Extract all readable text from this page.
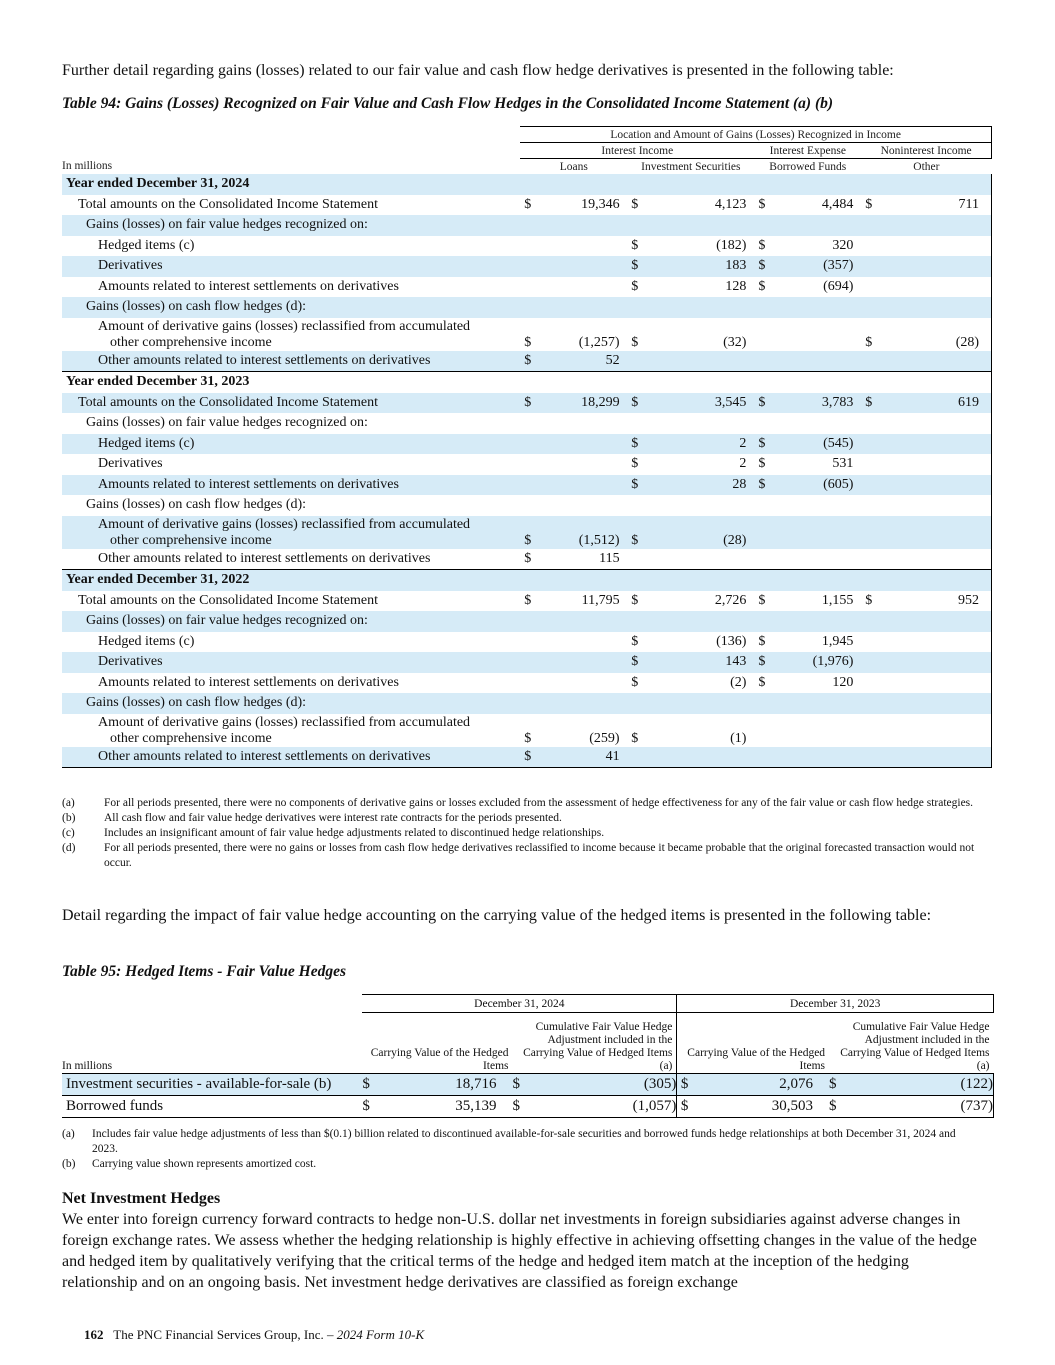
Further detail regarding gains (losses) related to our fair value and cash flow hedge derivatives is presented in the following table:
Table 94: Gains (Losses) Recognized on Fair Value and Cash Flow Hedges in the Consolidated Income Statement (a) (b)
	Location and Amount of Gains (Losses) Recognized in Income											
	Interest Income						Interest Expense			Noninterest Income		
In millions	Loans			Investment Securities			Borrowed Funds			Other		
Year ended December 31, 2024												
Total amounts on the Consolidated Income Statement	$	19,346		$	4,123		$	4,484		$	711	
Gains (losses) on fair value hedges recognized on:												
Hedged items (c)				$	(182)		$	320				
Derivatives				$	183		$	(357)				
Amounts related to interest settlements on derivatives				$	128		$	(694)				
Gains (losses) on cash flow hedges (d):												

Amount of derivative gains (losses) reclassified from accumulated
other comprehensive income	$	(1,257)		$	(32)					$	(28)	
Other amounts related to interest settlements on derivatives	$	52										
Year ended December 31, 2023												
Total amounts on the Consolidated Income Statement	$	18,299		$	3,545		$	3,783		$	619	
Gains (losses) on fair value hedges recognized on:												
Hedged items (c)				$	2		$	(545)				
Derivatives				$	2		$	531				
Amounts related to interest settlements on derivatives				$	28		$	(605)				
Gains (losses) on cash flow hedges (d):												

Amount of derivative gains (losses) reclassified from accumulated
other comprehensive income	$	(1,512)		$	(28)							
Other amounts related to interest settlements on derivatives	$	115										
Year ended December 31, 2022												
Total amounts on the Consolidated Income Statement	$	11,795		$	2,726		$	1,155		$	952	
Gains (losses) on fair value hedges recognized on:												
Hedged items (c)				$	(136)		$	1,945				
Derivatives				$	143		$	(1,976)				
Amounts related to interest settlements on derivatives				$	(2)		$	120				
Gains (losses) on cash flow hedges (d):												

Amount of derivative gains (losses) reclassified from accumulated
other comprehensive income	$	(259)		$	(1)							
Other amounts related to interest settlements on derivatives	$	41										
(a)	For all periods presented, there were no components of derivative gains or losses excluded from the assessment of hedge effectiveness for any of the fair value or cash flow hedge strategies.
(b)	All cash flow and fair value hedge derivatives were interest rate contracts for the periods presented.
(c)	Includes an insignificant amount of fair value hedge adjustments related to discontinued hedge relationships.
(d)	For all periods presented, there were no gains or losses from cash flow hedge derivatives reclassified to income because it became probable that the original forecasted transaction would not occur.
Detail regarding the impact of fair value hedge accounting on the carrying value of the hedged items is presented in the following table:
Table 95: Hedged Items - Fair Value Hedges
	December 31, 2024				December 31, 2023				
In millions	Carrying Value of the Hedged Items		Cumulative Fair Value Hedge Adjustment included in the Carrying Value of Hedged Items (a)			Carrying Value of the Hedged Items		Cumulative Fair Value Hedge Adjustment included in the Carrying Value of Hedged Items (a)	
Investment securities - available-for-sale (b)	$	18,716	$	(305)		$	2,076	$	(122)
Borrowed funds	$	35,139	$	(1,057)		$	30,503	$	(737)
(a)	Includes fair value hedge adjustments of less than $(0.1) billion related to discontinued available-for-sale securities and borrowed funds hedge relationships at both December 31, 2024 and 2023.
(b)	Carrying value shown represents amortized cost.
Net Investment Hedges
We enter into foreign currency forward contracts to hedge non-U.S. dollar net investments in foreign subsidiaries against adverse changes in foreign exchange rates. We assess whether the hedging relationship is highly effective in achieving offsetting changes in the value of the hedge and hedged item by qualitatively verifying that the critical terms of the hedge and hedged item match at the inception of the hedging relationship and on an ongoing basis. Net investment hedge derivatives are classified as foreign exchange
162 The PNC Financial Services Group, Inc. – 2024 Form 10-K
